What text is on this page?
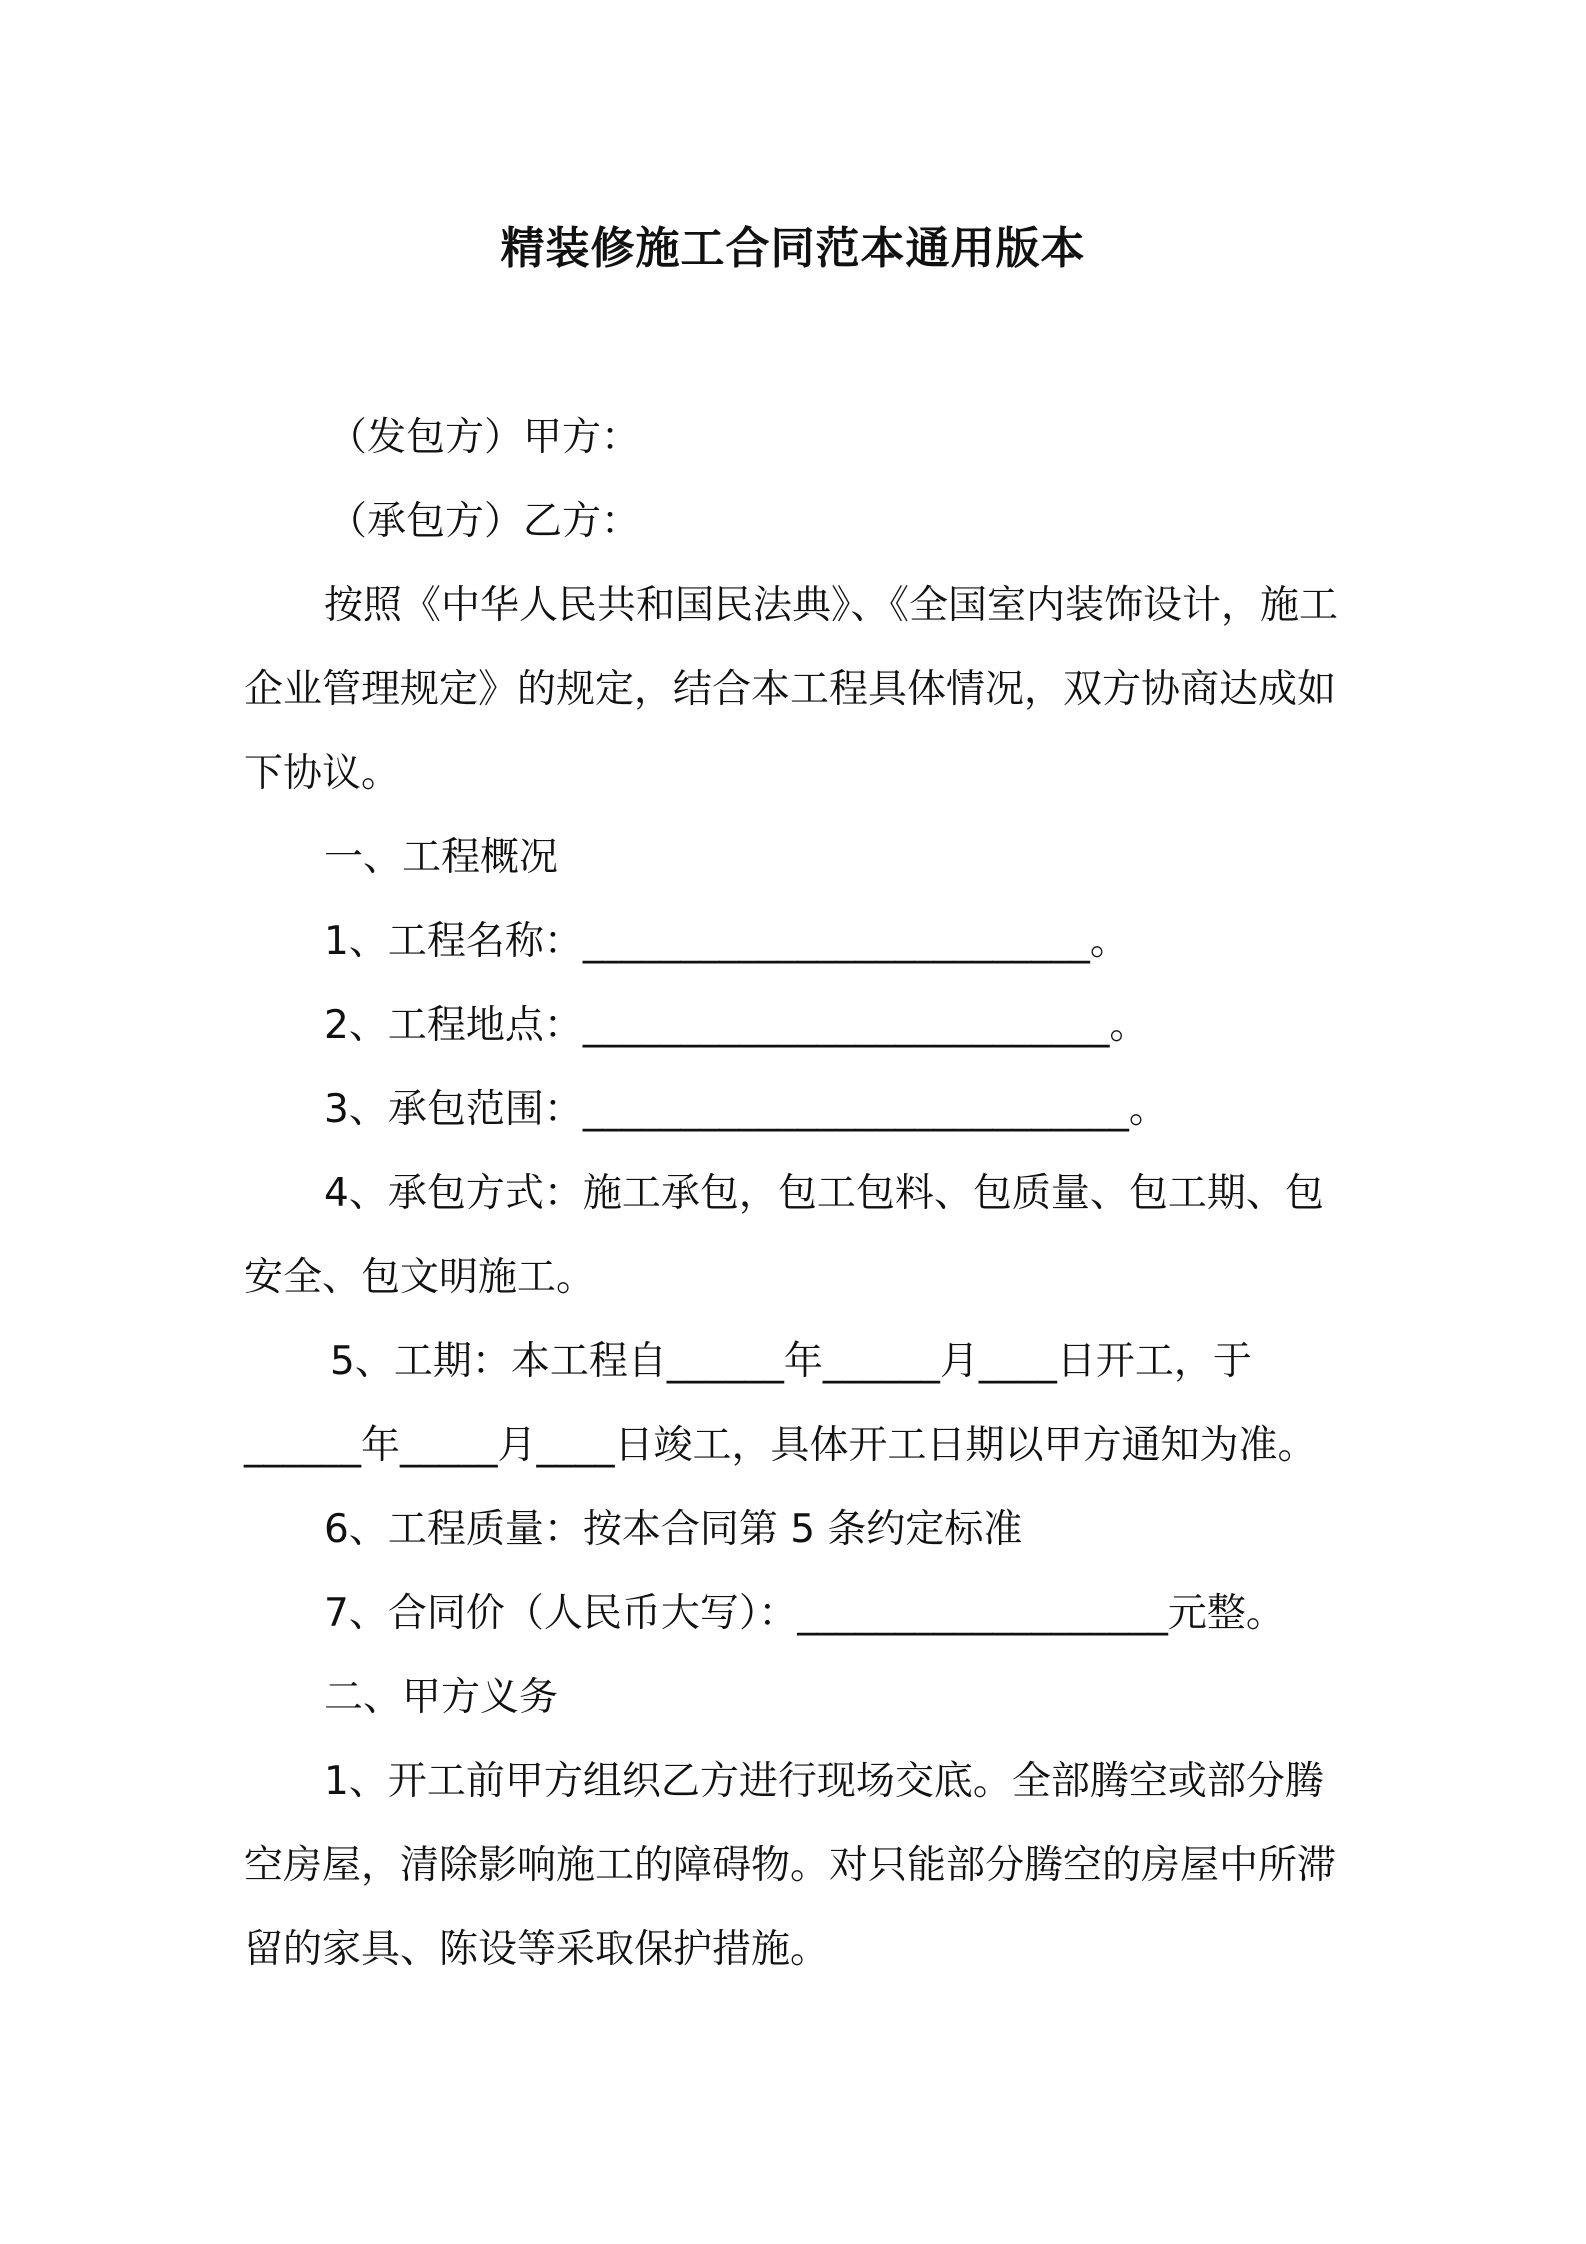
精装修施工合同范本通用版本

（发包方）甲方：

（承包方）乙方：

按照《中华人民共和国民法典》、《全国室内装饰设计，施工

企业管理规定》的规定，结合本工程具体情况，双方协商达成如

下协议。

一、工程概况

1、工程名称：__________________________。

2、工程地点：___________________________。

3、承包范围：____________________________。

4、承包方式：施工承包，包工包料、包质量、包工期、包

安全、包文明施工。

5、工期：本工程自______年______月____日开工，于

______年_____月____日竣工，具体开工日期以甲方通知为准。

6、工程质量：按本合同第 5 条约定标准

7、合同价（人民币大写）：___________________元整。

二、甲方义务

1、开工前甲方组织乙方进行现场交底。全部腾空或部分腾

空房屋，清除影响施工的障碍物。对只能部分腾空的房屋中所滞

留的家具、陈设等采取保护措施。
